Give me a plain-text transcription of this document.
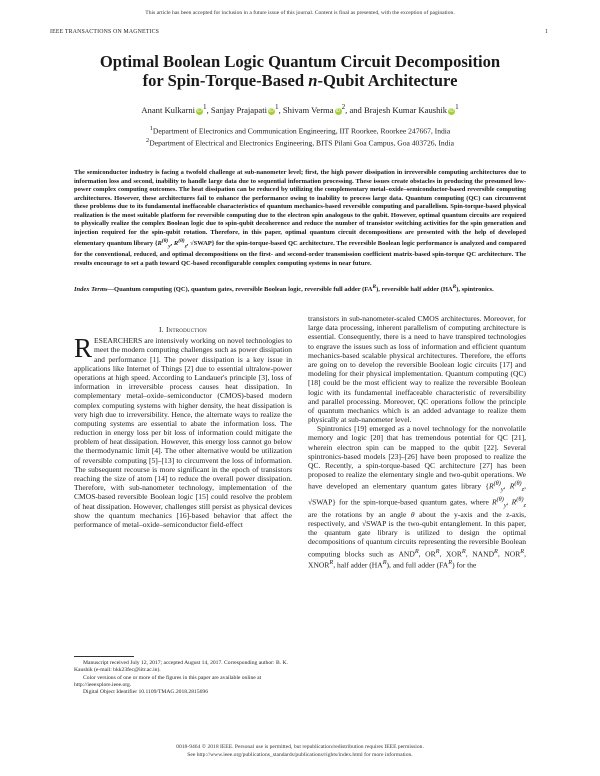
This article has been accepted for inclusion in a future issue of this journal. Content is final as presented, with the exception of pagination.
IEEE TRANSACTIONS ON MAGNETICS	1
Optimal Boolean Logic Quantum Circuit Decomposition
for Spin-Torque-Based n-Qubit Architecture
Anant Kulkarni $iD^1$, Sanjay Prajapati $iD^1$, Shivam Verma $iD^2$, and Brajesh Kumar Kaushik $iD^1$
$^1$Department of Electronics and Communication Engineering, IIT Roorkee, Roorkee 247667, India
$^2$Department of Electrical and Electronics Engineering, BITS Pilani Goa Campus, Goa 403726, India
The semiconductor industry is facing a twofold challenge at sub-nanometer level; first, the high power dissipation in irreversible computing architectures due to information loss and second, inability to handle large data due to sequential information processing. These issues create obstacles in producing the presumed low-power complex computing outcomes. The heat dissipation can be reduced by utilizing the complementary metal–oxide–semiconductor-based reversible computing architectures. However, these architectures fail to enhance the performance owing to inability to process large data. Quantum computing (QC) can circumvent these problems due to its fundamental ineffaceable characteristics of quantum mechanics-based reversible computing and parallelism. Spin-torque-based physical realization is the most suitable platform for reversible computing due to the electron spin analogous to the qubit. However, optimal quantum circuits are required to physically realize the complex Boolean logic due to spin-qubit decoherence and reduce the number of transistor switching activities for the spin generation and injection required for the spin-qubit rotation. Therefore, in this paper, optimal quantum circuit decompositions are presented with the help of developed elementary quantum library {$R^{(\theta)}_y$, $R^{(\theta)}_z$, √SWAP} for the spin-torque-based QC architecture. The reversible Boolean logic performance is analyzed and compared for the conventional, reduced, and optimal decompositions on the first- and second-order transmission coefficient matrix-based spin-torque QC architecture. The results encourage to set a path toward QC-based reconfigurable complex computing systems in near future.
Index Terms—Quantum computing (QC), quantum gates, reversible Boolean logic, reversible full adder $(FA^R)$, reversible half adder $(HA^R)$, spintronics.
I. Introduction

RESEARCHERS are intensively working on novel technologies to meet the modern computing challenges such as power dissipation and performance [1]. The power dissipation is a key issue in applications like Internet of Things [2] due to essential ultralow-power operations at high speed. According to Landauer's principle [3], loss of information in irreversible process causes heat dissipation. In complementary metal–oxide–semiconductor (CMOS)-based modern complex computing systems with higher density, the heat dissipation is very high due to irreversibility. Hence, the alternate ways to realize the computing systems are essential to abate the information loss. The reduction in energy loss per bit loss of information could mitigate the problem of heat dissipation. However, this energy loss cannot go below the thermodynamic limit [4]. The other alternative would be utilization of reversible computing [5]–[13] to circumvent the loss of information. The subsequent recourse is more significant in the epoch of transistors reaching the size of atom [14] to reduce the overall power dissipation. Therefore, with sub-nanometer technology, implementation of the CMOS-based reversible Boolean logic [15] could resolve the problem of heat dissipation. However, challenges still persist as physical devices show the quantum mechanics [16]-based behavior that affect the performance of metal–oxide–semiconductor field-effect

Manuscript received July 12, 2017; accepted August 14, 2017. Corresponding author: B. K. Kaushik (e-mail: bkk23fec@iitr.ac.in).

Color versions of one or more of the figures in this paper are available online at http://ieeexplore.ieee.org.

Digital Object Identifier 10.1109/TMAG.2018.2815696

transistors in sub-nanometer-scaled CMOS architectures. Moreover, for large data processing, inherent parallelism of computing architecture is essential. Consequently, there is a need to have transpired technologies to engrave the issues such as loss of information and efficient quantum mechanics-based scalable physical architectures. Therefore, the efforts are going on to develop the reversible Boolean logic circuits [17] and modeling for their physical implementation. Quantum computing (QC) [18] could be the most efficient way to realize the reversible Boolean logic with its fundamental ineffaceable characteristic of reversibility and parallel processing. Moreover, QC operations follow the principle of quantum mechanics which is an added advantage to realize them physically at sub-nanometer level.

Spintronics [19] emerged as a novel technology for the nonvolatile memory and logic [20] that has tremendous potential for QC [21], wherein electron spin can be mapped to the qubit [22]. Several spintronics-based models [23]–[26] have been proposed to realize the QC. Recently, a spin-torque-based QC architecture [27] has been proposed to realize the elementary single and two-qubit operations. We have developed an elementary quantum gates library {$R^{(\theta)}_y$, $R^{(\theta)}_z$, √SWAP} for the spin-torque-based quantum gates, where $R^{(\theta)}_y$, $R^{(\theta)}_z$ are the rotations by an angle θ about the y-axis and the z-axis, respectively, and √SWAP is the two-qubit entanglement. In this paper, the quantum gate library is utilized to design the optimal decompositions of quantum circuits representing the reversible Boolean computing blocks such as $AND^R$, $OR^R$, $XOR^R$, $NAND^R$, $NOR^R$, $XNOR^R$, half adder $(HA^R)$, and full adder $(FA^R)$ for the

0018-9464 © 2018 IEEE. Personal use is permitted, but republication/redistribution requires IEEE permission.
See http://www.ieee.org/publications_standards/publications/rights/index.html for more information.
